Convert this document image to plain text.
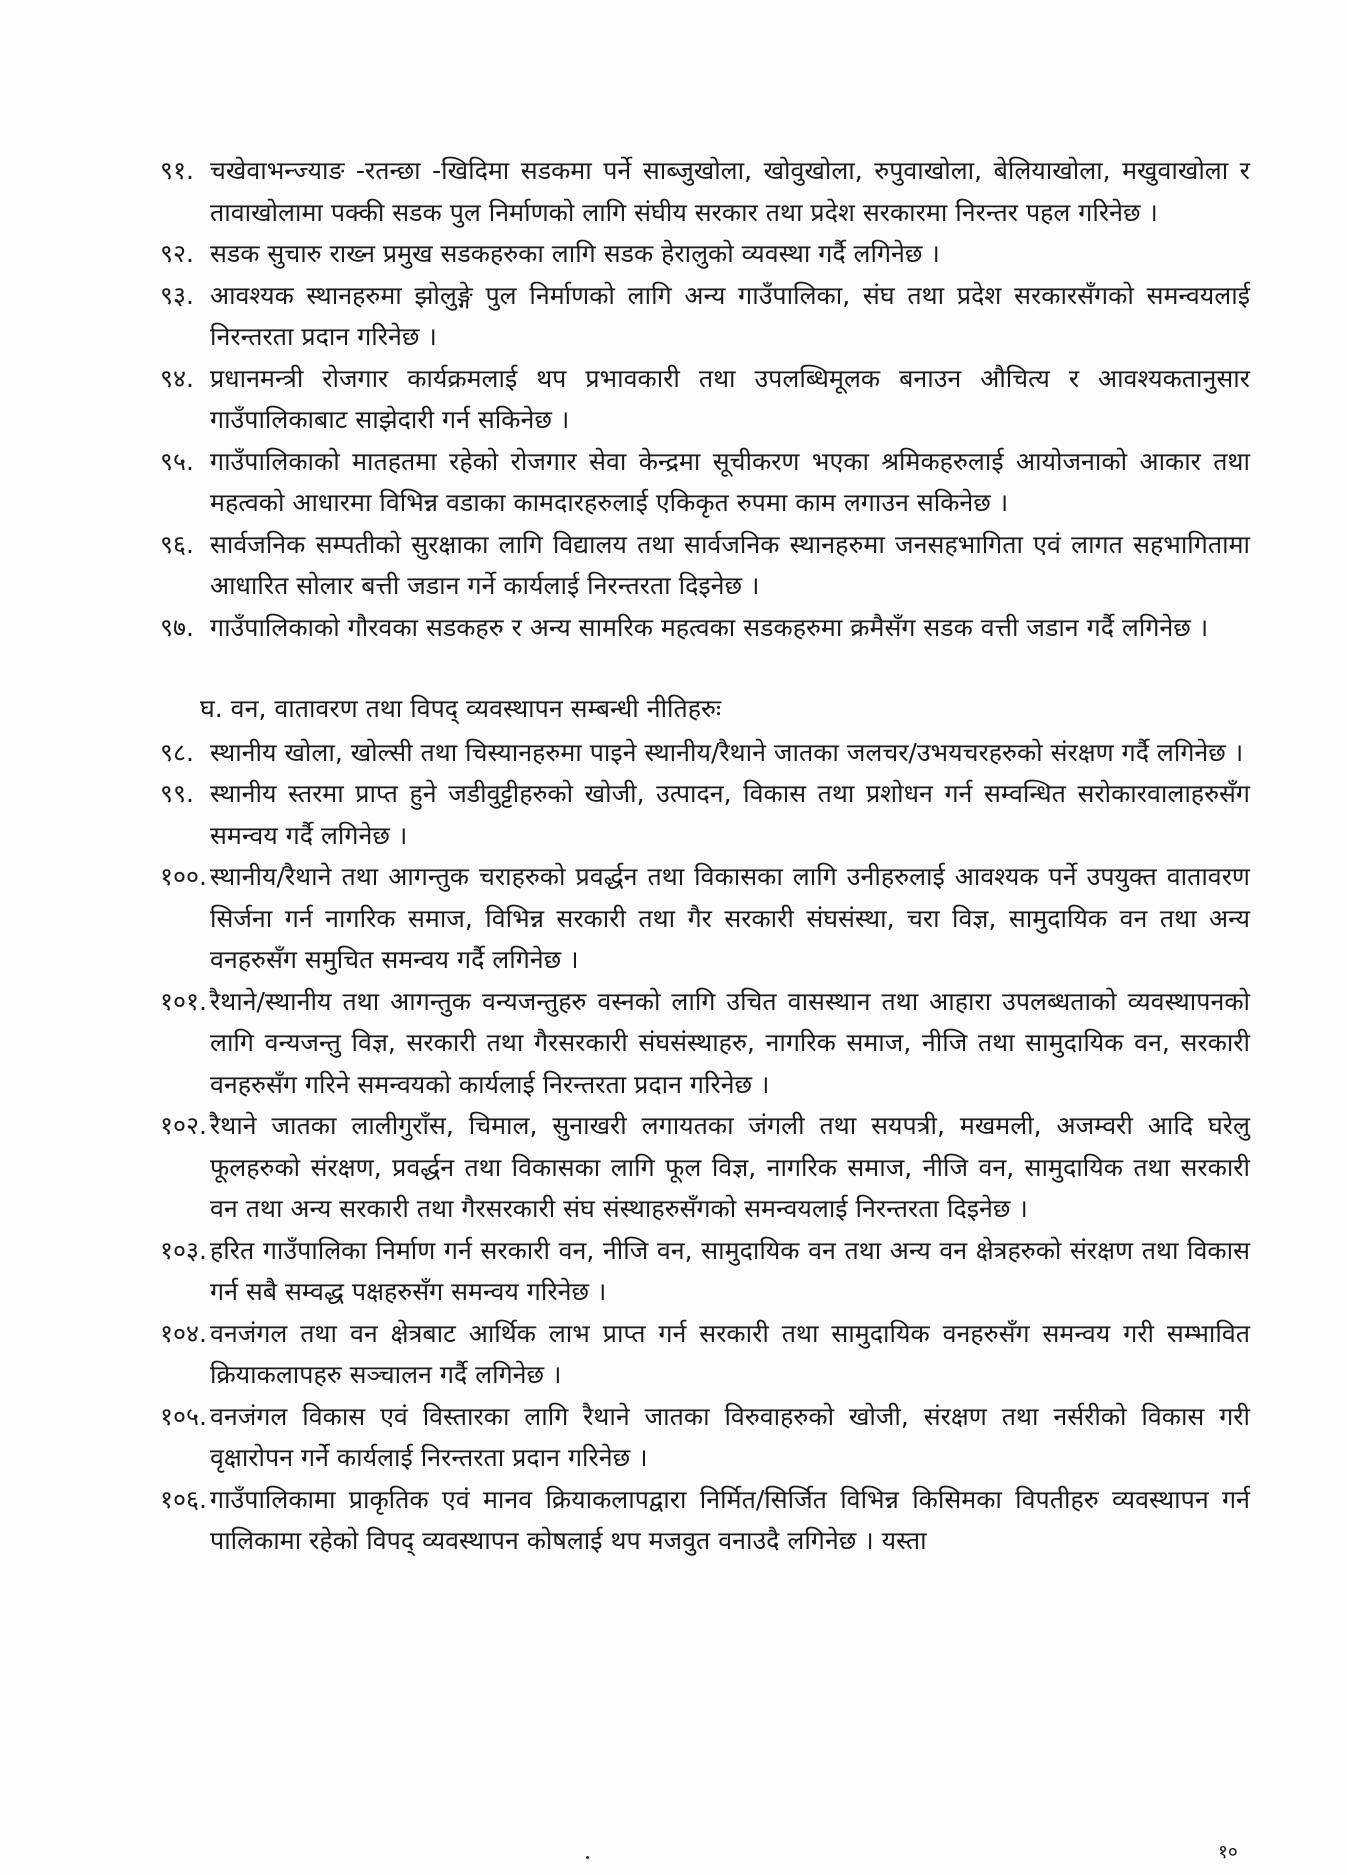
९१. चखेवाभन्ज्याङ -रतन्छा -खिदिमा सडकमा पर्ने साब्जुखोला, खोवुखोला, रुपुवाखोला, बेलियाखोला, मखुवाखोला र तावाखोलामा पक्की सडक पुल निर्माणको लागि संघीय सरकार तथा प्रदेश सरकारमा निरन्तर पहल गरिनेछ ।
९२. सडक सुचारु राख्न प्रमुख सडकहरुका लागि सडक हेरालुको व्यवस्था गर्दै लगिनेछ ।
९३. आवश्यक स्थानहरुमा झोलुङ्गे पुल निर्माणको लागि अन्य गाउँपालिका, संघ तथा प्रदेश सरकारसँगको समन्वयलाई निरन्तरता प्रदान गरिनेछ ।
९४. प्रधानमन्त्री रोजगार कार्यक्रमलाई थप प्रभावकारी तथा उपलब्धिमूलक बनाउन औचित्य र आवश्यकतानुसार गाउँपालिकाबाट साझेदारी गर्न सकिनेछ ।
९५. गाउँपालिकाको मातहतमा रहेको रोजगार सेवा केन्द्रमा सूचीकरण भएका श्रमिकहरुलाई आयोजनाको आकार तथा महत्वको आधारमा विभिन्न वडाका कामदारहरुलाई एकिकृत रुपमा काम लगाउन सकिनेछ ।
९६. सार्वजनिक सम्पतीको सुरक्षाका लागि विद्यालय तथा सार्वजनिक स्थानहरुमा जनसहभागिता एवं लागत सहभागितामा आधारित सोलार बत्ती जडान गर्ने कार्यलाई निरन्तरता दिइनेछ ।
९७. गाउँपालिकाको गौरवका सडकहरु र अन्य सामरिक महत्वका सडकहरुमा क्रमैसँग सडक वत्ती जडान गर्दै लगिनेछ ।
घ. वन, वातावरण तथा विपद् व्यवस्थापन सम्बन्धी नीतिहरुः
९८. स्थानीय खोला, खोल्सी तथा चिस्यानहरुमा पाइने स्थानीय/रैथाने जातका जलचर/उभयचरहरुको संरक्षण गर्दै लगिनेछ ।
९९. स्थानीय स्तरमा प्राप्त हुने जडीवुट्टीहरुको खोजी, उत्पादन, विकास तथा प्रशोधन गर्न सम्वन्धित सरोकारवालाहरुसँग समन्वय गर्दै लगिनेछ ।
१००. स्थानीय/रैथाने तथा आगन्तुक चराहरुको प्रवर्द्धन तथा विकासका लागि उनीहरुलाई आवश्यक पर्ने उपयुक्त वातावरण सिर्जना गर्न नागरिक समाज, विभिन्न सरकारी तथा गैर सरकारी संघसंस्था, चरा विज्ञ, सामुदायिक वन तथा अन्य वनहरुसँग समुचित समन्वय गर्दै लगिनेछ ।
१०१. रैथाने/स्थानीय तथा आगन्तुक वन्यजन्तुहरु वस्नको लागि उचित वासस्थान तथा आहारा उपलब्धताको व्यवस्थापनको लागि वन्यजन्तु विज्ञ, सरकारी तथा गैरसरकारी संघसंस्थाहरु, नागरिक समाज, नीजि तथा सामुदायिक वन, सरकारी वनहरुसँग गरिने समन्वयको कार्यलाई निरन्तरता प्रदान गरिनेछ ।
१०२. रैथाने जातका लालीगुराँस, चिमाल, सुनाखरी लगायतका जंगली तथा सयपत्री, मखमली, अजम्वरी आदि घरेलु फूलहरुको संरक्षण, प्रवर्द्धन तथा विकासका लागि फूल विज्ञ, नागरिक समाज, नीजि वन, सामुदायिक तथा सरकारी वन तथा अन्य सरकारी तथा गैरसरकारी संघ संस्थाहरुसँगको समन्वयलाई निरन्तरता दिइनेछ ।
१०३. हरित गाउँपालिका निर्माण गर्न सरकारी वन, नीजि वन, सामुदायिक वन तथा अन्य वन क्षेत्रहरुको संरक्षण तथा विकास गर्न सबै सम्वद्ध पक्षहरुसँग समन्वय गरिनेछ ।
१०४. वनजंगल तथा वन क्षेत्रबाट आर्थिक लाभ प्राप्त गर्न सरकारी तथा सामुदायिक वनहरुसँग समन्वय गरी सम्भावित क्रियाकलापहरु सञ्चालन गर्दै लगिनेछ ।
१०५. वनजंगल विकास एवं विस्तारका लागि रैथाने जातका विरुवाहरुको खोजी, संरक्षण तथा नर्सरीको विकास गरी वृक्षारोपन गर्ने कार्यलाई निरन्तरता प्रदान गरिनेछ ।
१०६. गाउँपालिकामा प्राकृतिक एवं मानव क्रियाकलापद्वारा निर्मित/सिर्जित विभिन्न किसिमका विपतीहरु व्यवस्थापन गर्न पालिकामा रहेको विपद् व्यवस्थापन कोषलाई थप मजवुत वनाउदै लगिनेछ । यस्ता
१०
